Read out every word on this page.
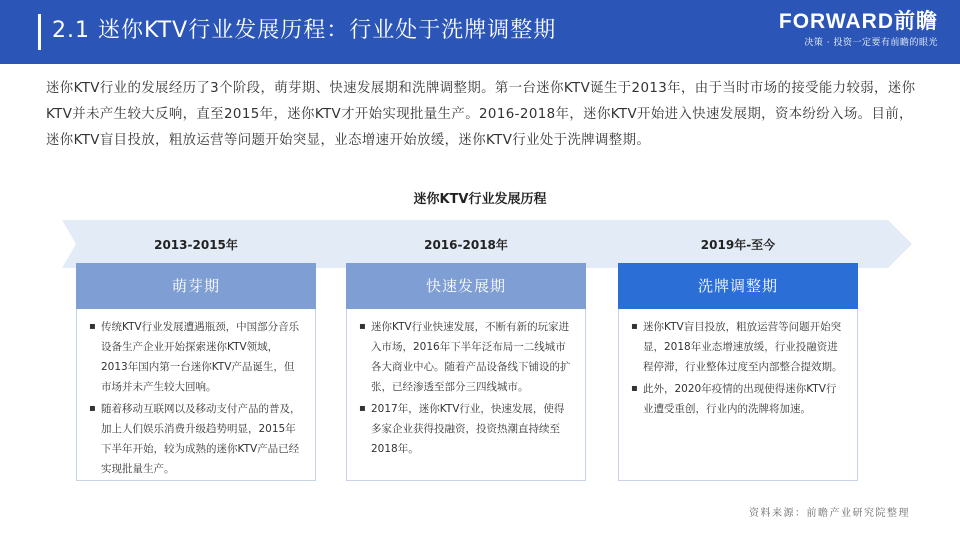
2.1 迷你KTV行业发展历程：行业处于洗牌调整期	FORWARD前瞻
决策 · 投资一定要有前瞻的眼光
迷你KTV行业的发展经历了3个阶段，萌芽期、快速发展期和洗牌调整期。第一台迷你KTV诞生于2013年，由于当时市场的接受能力较弱，迷你KTV并未产生较大反响，直至2015年，迷你KTV才开始实现批量生产。2016-2018年，迷你KTV开始进入快速发展期，资本纷纷入场。目前，迷你KTV盲目投放，粗放运营等问题开始突显，业态增速开始放缓，迷你KTV行业处于洗牌调整期。
迷你KTV行业发展历程
2013-2015年
萌芽期
▪ 传统KTV行业发展遭遇瓶颈，中国部分音乐设备生产企业开始探索迷你KTV领域，2013年国内第一台迷你KTV产品诞生，但市场并未产生较大回响。
▪ 随着移动互联网以及移动支付产品的普及，加上人们娱乐消费升级趋势明显，2015年下半年开始，较为成熟的迷你KTV产品已经实现批量生产。
2016-2018年
快速发展期
▪ 迷你KTV行业快速发展，不断有新的玩家进入市场，2016年下半年泛布局一二线城市各大商业中心。随着产品设备线下铺设的扩张，已经渗透至部分三四线城市。
▪ 2017年，迷你KTV行业，快速发展，使得多家企业获得投融资，投资热潮直持续至2018年。
2019年-至今
洗牌调整期
▪ 迷你KTV盲目投放，粗放运营等问题开始突显，2018年业态增速放缓，行业投融资进程停滞，行业整体过度至内部整合提效期。
▪ 此外，2020年疫情的出现使得迷你KTV行业遭受重创，行业内的洗牌将加速。
资料来源：前瞻产业研究院整理
